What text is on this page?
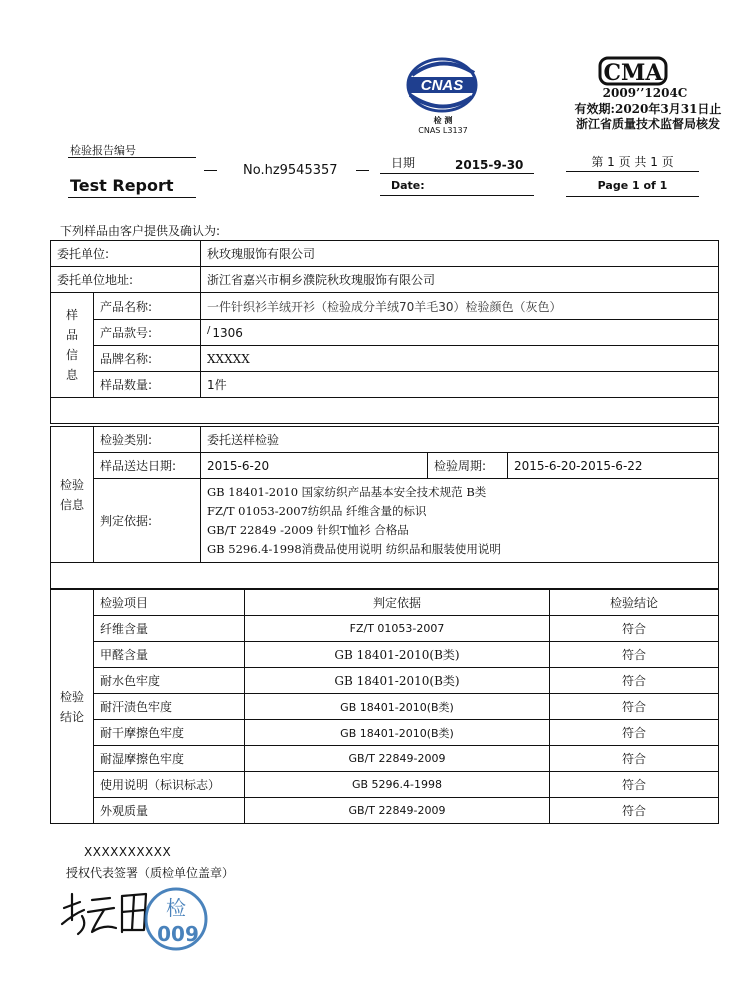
CNAS
检 测
CNAS L3137
CMA
2009’’1204C
有效期:2020年3月31日止
浙江省质量技术监督局核发
检验报告编号
Test Report
No.hz9545357	日期	2015-9-30
Date:
第 1 页 共 1 页
Page 1 of 1
下列样品由客户提供及确认为:
委托单位:		秋玫瑰服饰有限公司
委托单位地址:		浙江省嘉兴市桐乡濮院秋玫瑰服饰有限公司

样品信息	产品名称:	一件针织衫羊绒开衫（检验成分羊绒70羊毛30）检验颜色（灰色）
	产品款号:	/ 1306
	品牌名称:	XXXXX
	样品数量:	1件

检验信息	检验类别:	委托送样检验		
	样品送达日期:	2015-6-20	检验周期:	2015-6-20-2015-6-22
	判定依据:	GB 18401-2010 国家纺织产品基本安全技术规范 B类
FZ/T 01053-2007纺织品 纤维含量的标识
GB/T 22849 -2009 针织T恤衫 合格品
GB 5296.4-1998消费品使用说明 纺织品和服装使用说明		

检验结论	检验项目	判定依据	检验结论
	纤维含量	FZ/T 01053-2007	符合
	甲醛含量	GB 18401-2010(B类)	符合
	耐水色牢度	GB 18401-2010(B类)	符合
	耐汗渍色牢度	GB 18401-2010(B类)	符合
	耐干摩擦色牢度	GB 18401-2010(B类)	符合
	耐湿摩擦色牢度	GB/T 22849-2009	符合
	使用说明（标识标志）	GB 5296.4-1998	符合
	外观质量	GB/T 22849-2009	符合
XXXXXXXXXX
授权代表签署（质检单位盖章）
检
009
